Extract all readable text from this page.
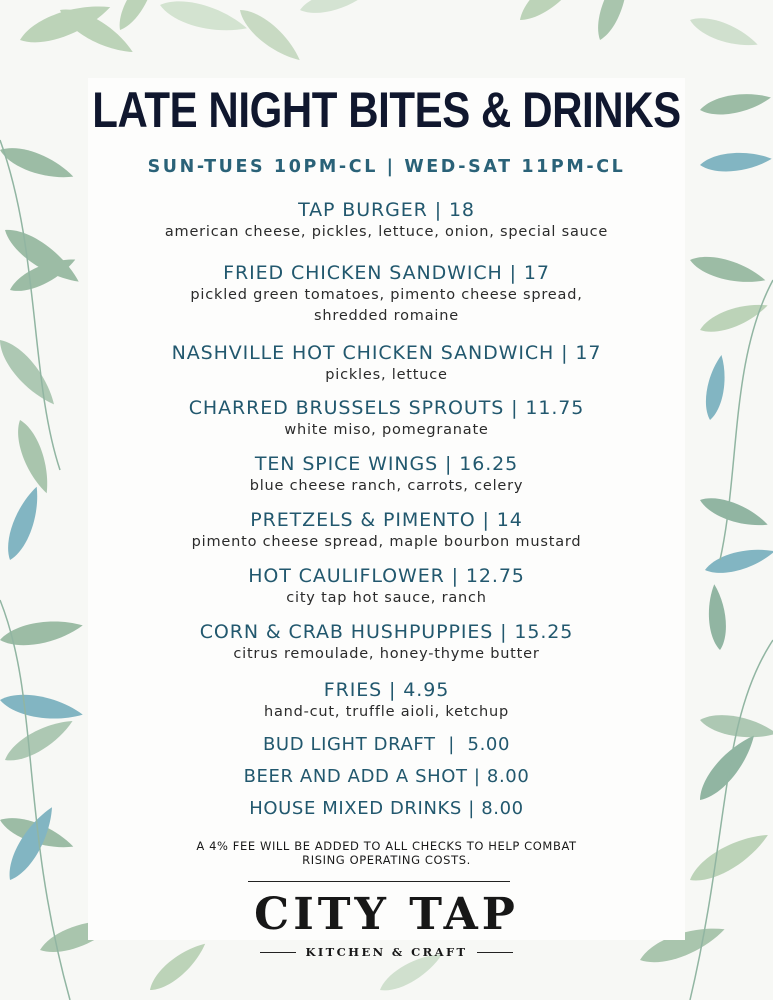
LATE NIGHT BITES & DRINKS
SUN-TUES 10PM-CL | WED-SAT 11PM-CL
TAP BURGER | 18
american cheese, pickles, lettuce, onion, special sauce
FRIED CHICKEN SANDWICH | 17
pickled green tomatoes, pimento cheese spread,
shredded romaine
NASHVILLE HOT CHICKEN SANDWICH | 17
pickles, lettuce
CHARRED BRUSSELS SPROUTS | 11.75
white miso, pomegranate
TEN SPICE WINGS | 16.25
blue cheese ranch, carrots, celery
PRETZELS & PIMENTO | 14
pimento cheese spread, maple bourbon mustard
HOT CAULIFLOWER | 12.75
city tap hot sauce, ranch
CORN & CRAB HUSHPUPPIES | 15.25
citrus remoulade, honey-thyme butter
FRIES | 4.95
hand-cut, truffle aioli, ketchup
BUD LIGHT DRAFT  |  5.00
BEER AND ADD A SHOT | 8.00
HOUSE MIXED DRINKS | 8.00
A 4% FEE WILL BE ADDED TO ALL CHECKS TO HELP COMBAT
RISING OPERATING COSTS.
CITY TAP
KITCHEN & CRAFT
